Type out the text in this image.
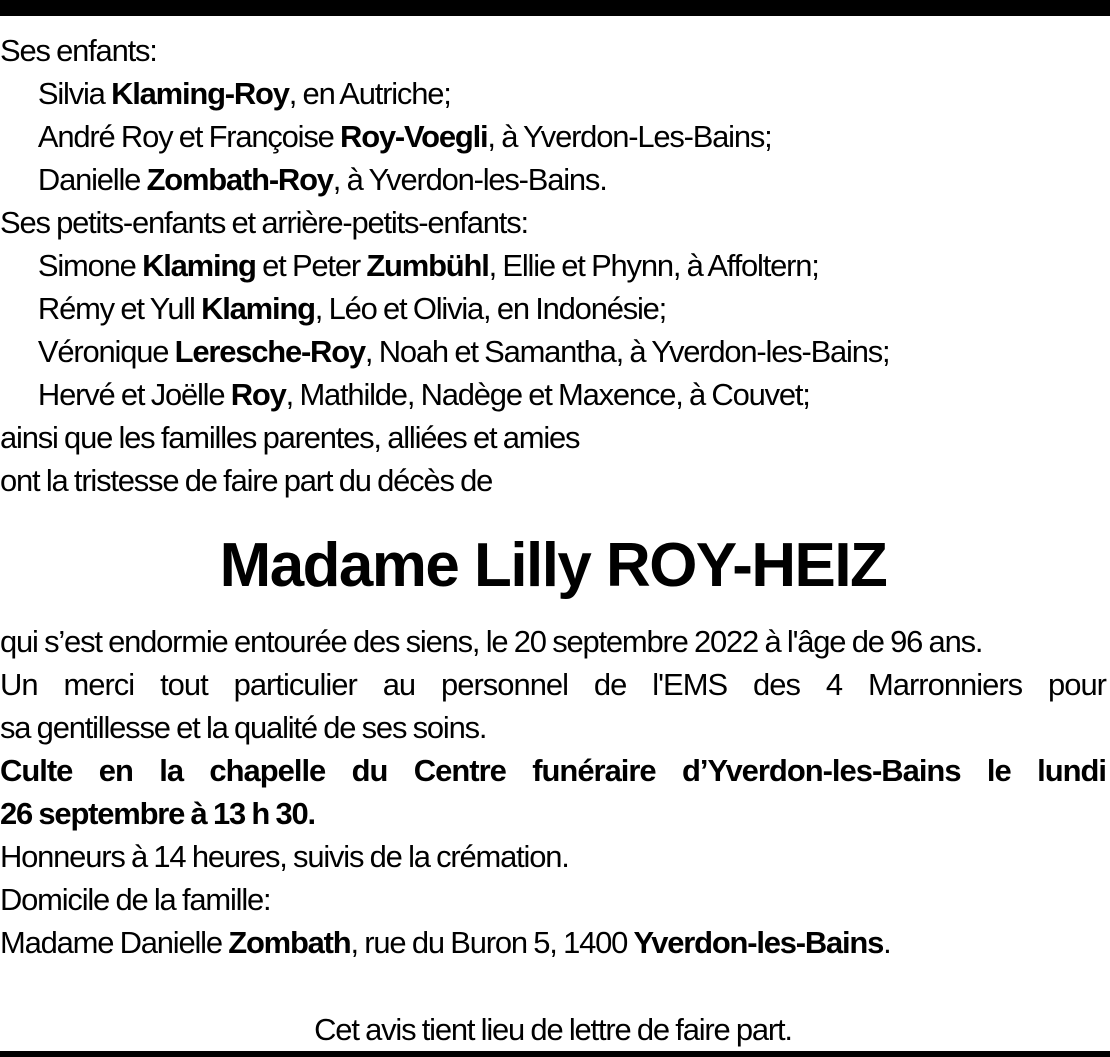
Ses enfants:
Silvia Klaming-Roy, en Autriche;
André Roy et Françoise Roy-Voegli, à Yverdon-Les-Bains;
Danielle Zombath-Roy, à Yverdon-les-Bains.
Ses petits-enfants et arrière-petits-enfants:
Simone Klaming et Peter Zumbühl, Ellie et Phynn, à Affoltern;
Rémy et Yull Klaming, Léo et Olivia, en Indonésie;
Véronique Leresche-Roy, Noah et Samantha, à Yverdon-les-Bains;
Hervé et Joëlle Roy, Mathilde, Nadège et Maxence, à Couvet;
ainsi que les familles parentes, alliées et amies
ont la tristesse de faire part du décès de
Madame Lilly ROY-HEIZ
qui s’est endormie entourée des siens, le 20 septembre 2022 à l'âge de 96 ans.
Un merci tout particulier au personnel de l'EMS des 4 Marronniers pour
sa gentillesse et la qualité de ses soins.
Culte en la chapelle du Centre funéraire d’Yverdon-les-Bains le lundi
26 septembre à 13 h 30.
Honneurs à 14 heures, suivis de la crémation.
Domicile de la famille:
Madame Danielle Zombath, rue du Buron 5, 1400 Yverdon-les-Bains.
Cet avis tient lieu de lettre de faire part.
